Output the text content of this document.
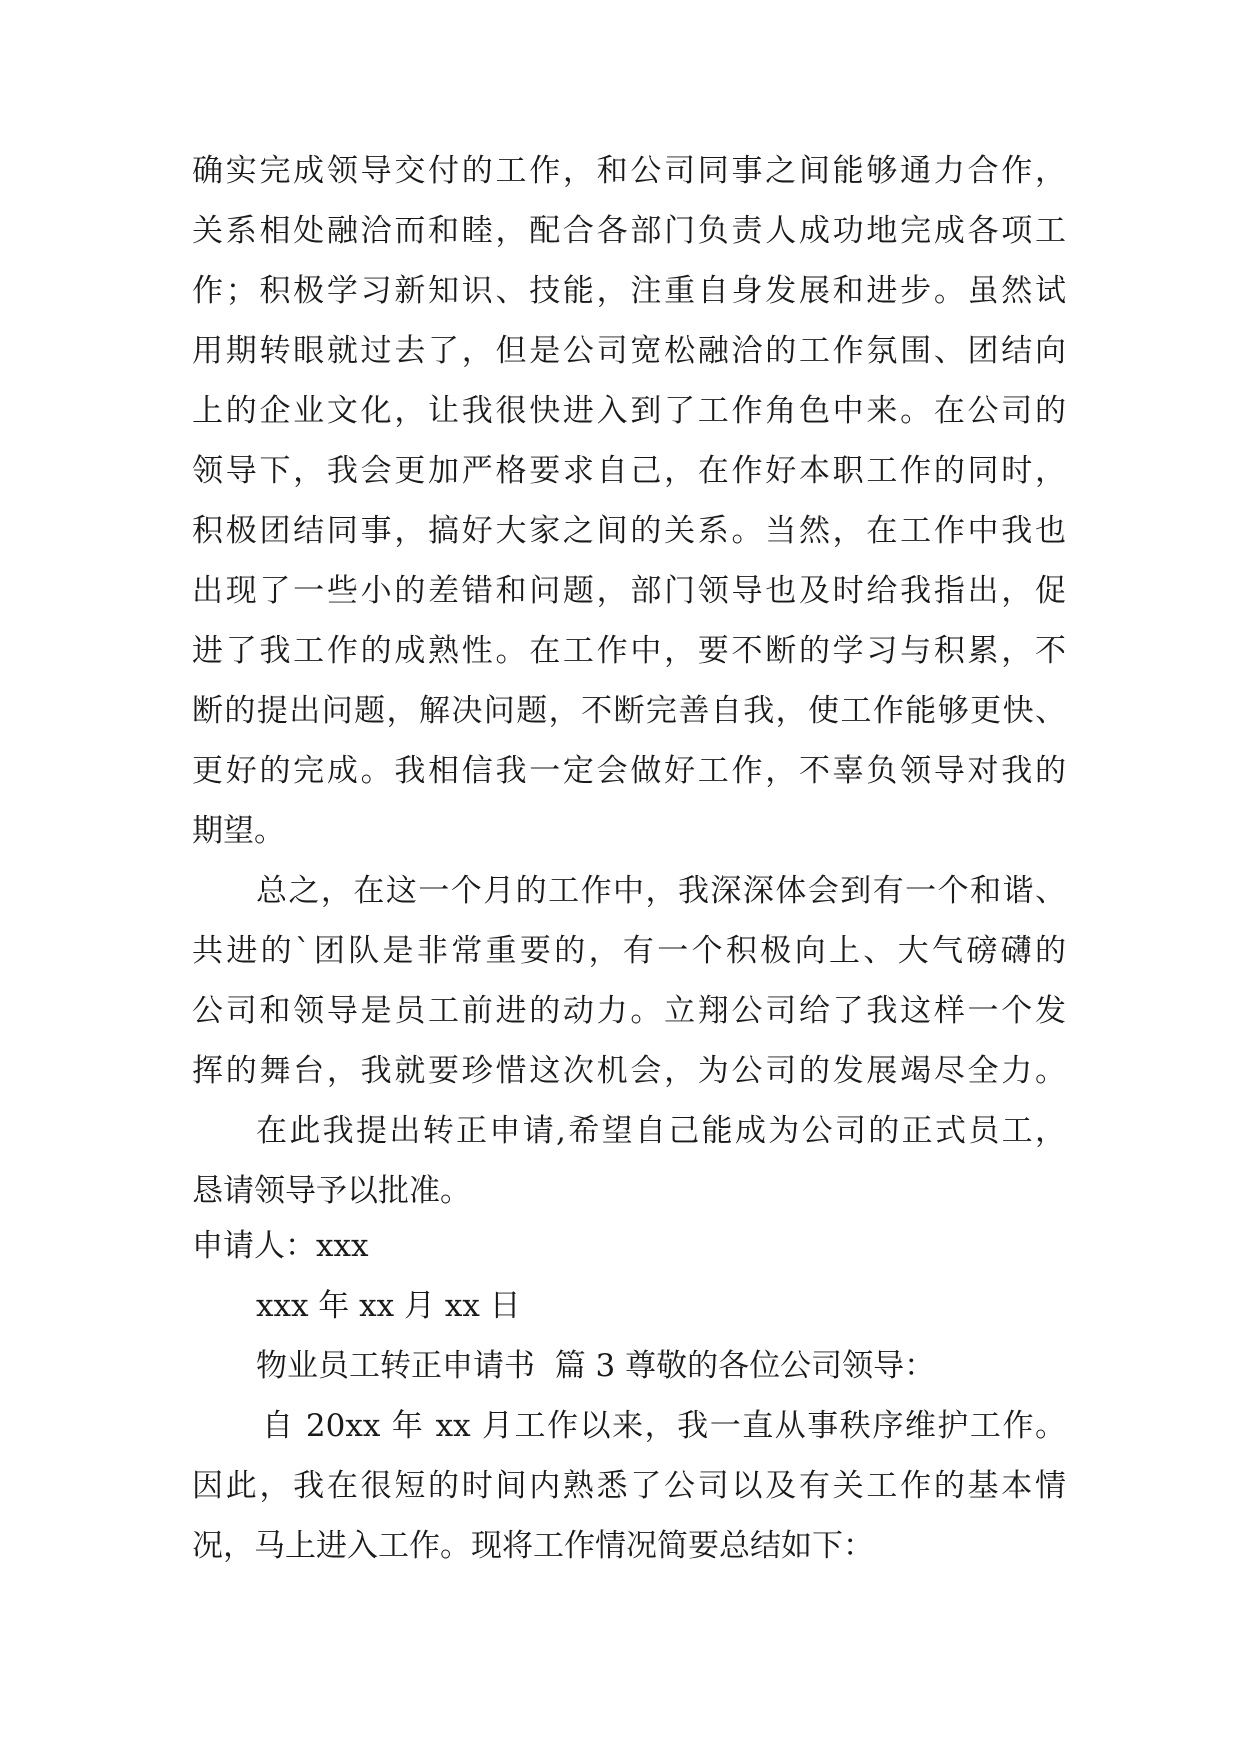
确实完成领导交付的工作，和公司同事之间能够通力合作，
关系相处融洽而和睦，配合各部门负责人成功地完成各项工
作；积极学习新知识、技能，注重自身发展和进步。虽然试
用期转眼就过去了，但是公司宽松融洽的工作氛围、团结向
上的企业文化，让我很快进入到了工作角色中来。在公司的
领导下，我会更加严格要求自己，在作好本职工作的同时，
积极团结同事，搞好大家之间的关系。当然，在工作中我也
出现了一些小的差错和问题，部门领导也及时给我指出，促
进了我工作的成熟性。在工作中，要不断的学习与积累，不
断的提出问题，解决问题，不断完善自我，使工作能够更快、
更好的完成。我相信我一定会做好工作，不辜负领导对我的
期望。
总之，在这一个月的工作中，我深深体会到有一个和谐、
共进的`团队是非常重要的，有一个积极向上、大气磅礴的
公司和领导是员工前进的动力。立翔公司给了我这样一个发
挥的舞台，我就要珍惜这次机会，为公司的发展竭尽全力。
在此我提出转正申请,希望自己能成为公司的正式员工，
恳请领导予以批准。
申请人：xxx
xxx 年 xx 月 xx 日
物业员工转正申请书  篇 3 尊敬的各位公司领导：
自 20xx 年 xx 月工作以来，我一直从事秩序维护工作。
因此，我在很短的时间内熟悉了公司以及有关工作的基本情
况，马上进入工作。现将工作情况简要总结如下：
